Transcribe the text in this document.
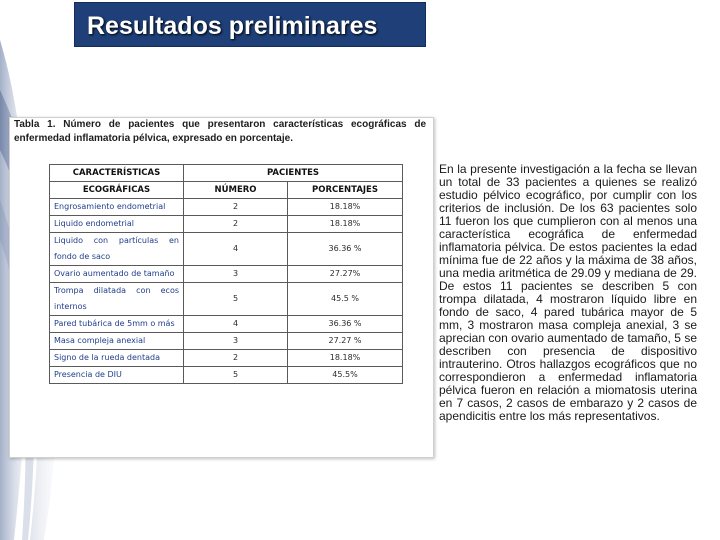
Resultados preliminares
Tabla 1. Número de pacientes que presentaron características ecográficas de enfermedad inflamatoria pélvica, expresado en porcentaje.
CARACTERÍSTICAS	PACIENTES	
ECOGRÁFICAS	NÚMERO	PORCENTAJES
Engrosamiento endometrial	2	18.18%
Liquido endometrial	2	18.18%
Liquido con partículas en fondo de saco	4	36.36 %
Ovario aumentado de tamaño	3	27.27%
Trompa dilatada con ecos internos	5	45.5 %
Pared tubárica de 5mm o más	4	36.36 %
Masa compleja anexial	3	27.27 %
Signo de la rueda dentada	2	18.18%
Presencia de DIU	5	45.5%
En la presente investigación a la fecha se llevan un total de 33 pacientes a quienes se realizó estudio pélvico ecográfico, por cumplir con los criterios de inclusión. De los 63 pacientes solo 11 fueron los que cumplieron con al menos una característica ecográfica de enfermedad inflamatoria pélvica. De estos pacientes la edad mínima fue de 22 años y la máxima de 38 años, una media aritmética de 29.09 y mediana de 29. De estos 11 pacientes se describen 5 con trompa dilatada, 4 mostraron líquido libre en fondo de saco, 4 pared tubárica mayor de 5 mm, 3 mostraron masa compleja anexial, 3 se aprecian con ovario aumentado de tamaño, 5 se describen con presencia de dispositivo intrauterino. Otros hallazgos ecográficos que no correspondieron a enfermedad inflamatoria pélvica fueron en relación a miomatosis uterina en 7 casos, 2 casos de embarazo y 2 casos de apendicitis entre los más representativos.
